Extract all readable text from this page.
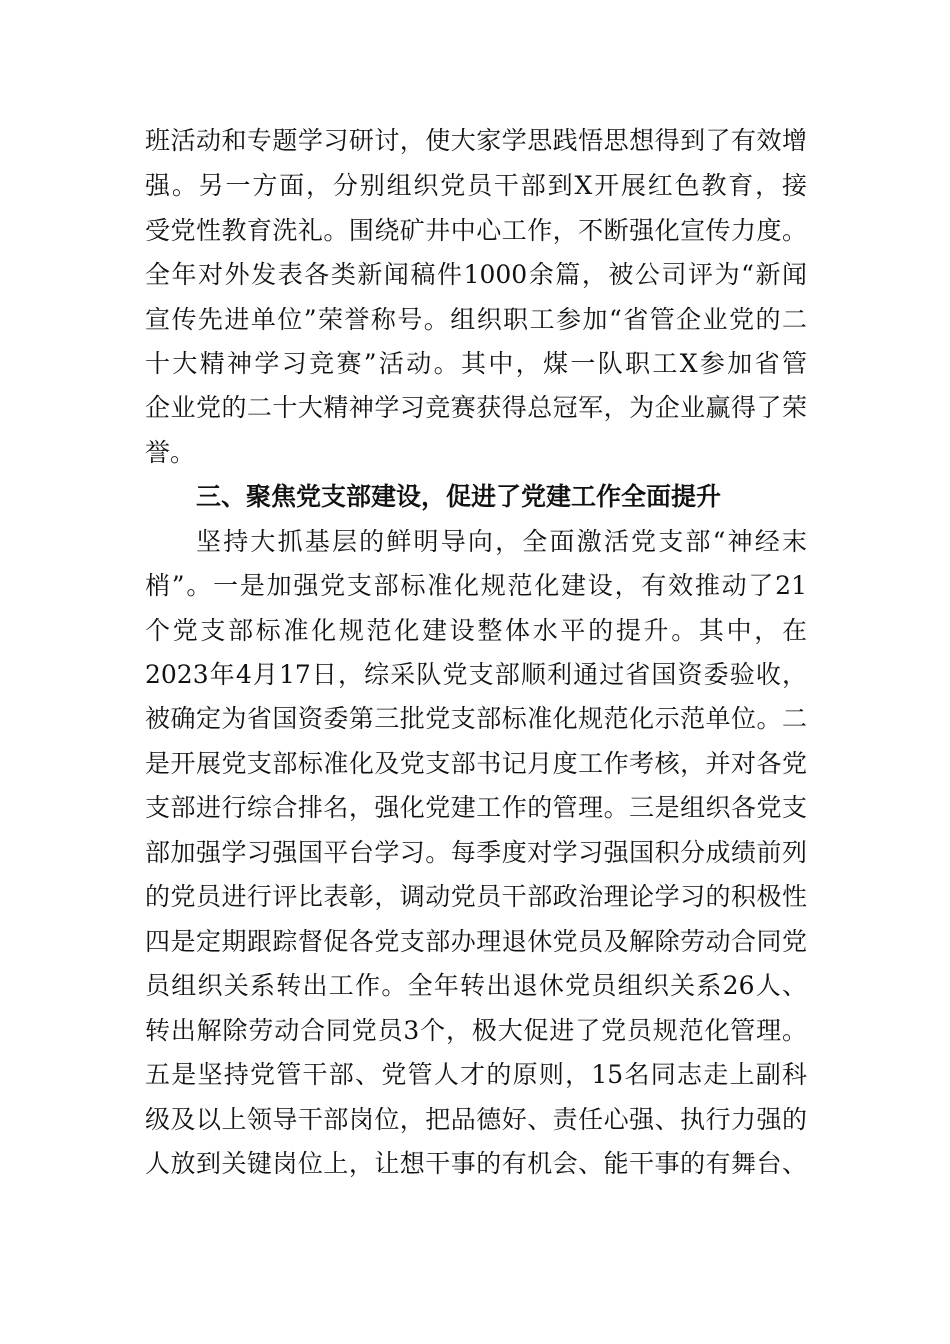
班活动和专题学习研讨，使大家学思践悟思想得到了有效增
强。另一方面，分别组织党员干部到X开展红色教育，接
受党性教育洗礼。围绕矿井中心工作，不断强化宣传力度。
全年对外发表各类新闻稿件1000余篇，被公司评为“新闻
宣传先进单位”荣誉称号。组织职工参加“省管企业党的二
十大精神学习竞赛”活动。其中，煤一队职工X参加省管
企业党的二十大精神学习竞赛获得总冠军，为企业赢得了荣
誉。
三、聚焦党支部建设，促进了党建工作全面提升
坚持大抓基层的鲜明导向，全面激活党支部“神经末
梢”。一是加强党支部标准化规范化建设，有效推动了21
个党支部标准化规范化建设整体水平的提升。其中，在
2023年4月17日，综采队党支部顺利通过省国资委验收，
被确定为省国资委第三批党支部标准化规范化示范单位。二
是开展党支部标准化及党支部书记月度工作考核，并对各党
支部进行综合排名，强化党建工作的管理。三是组织各党支
部加强学习强国平台学习。每季度对学习强国积分成绩前列
的党员进行评比表彰，调动党员干部政治理论学习的积极性
四是定期跟踪督促各党支部办理退休党员及解除劳动合同党
员组织关系转出工作。全年转出退休党员组织关系26人、
转出解除劳动合同党员3个，极大促进了党员规范化管理。
五是坚持党管干部、党管人才的原则，15名同志走上副科
级及以上领导干部岗位，把品德好、责任心强、执行力强的
人放到关键岗位上，让想干事的有机会、能干事的有舞台、
